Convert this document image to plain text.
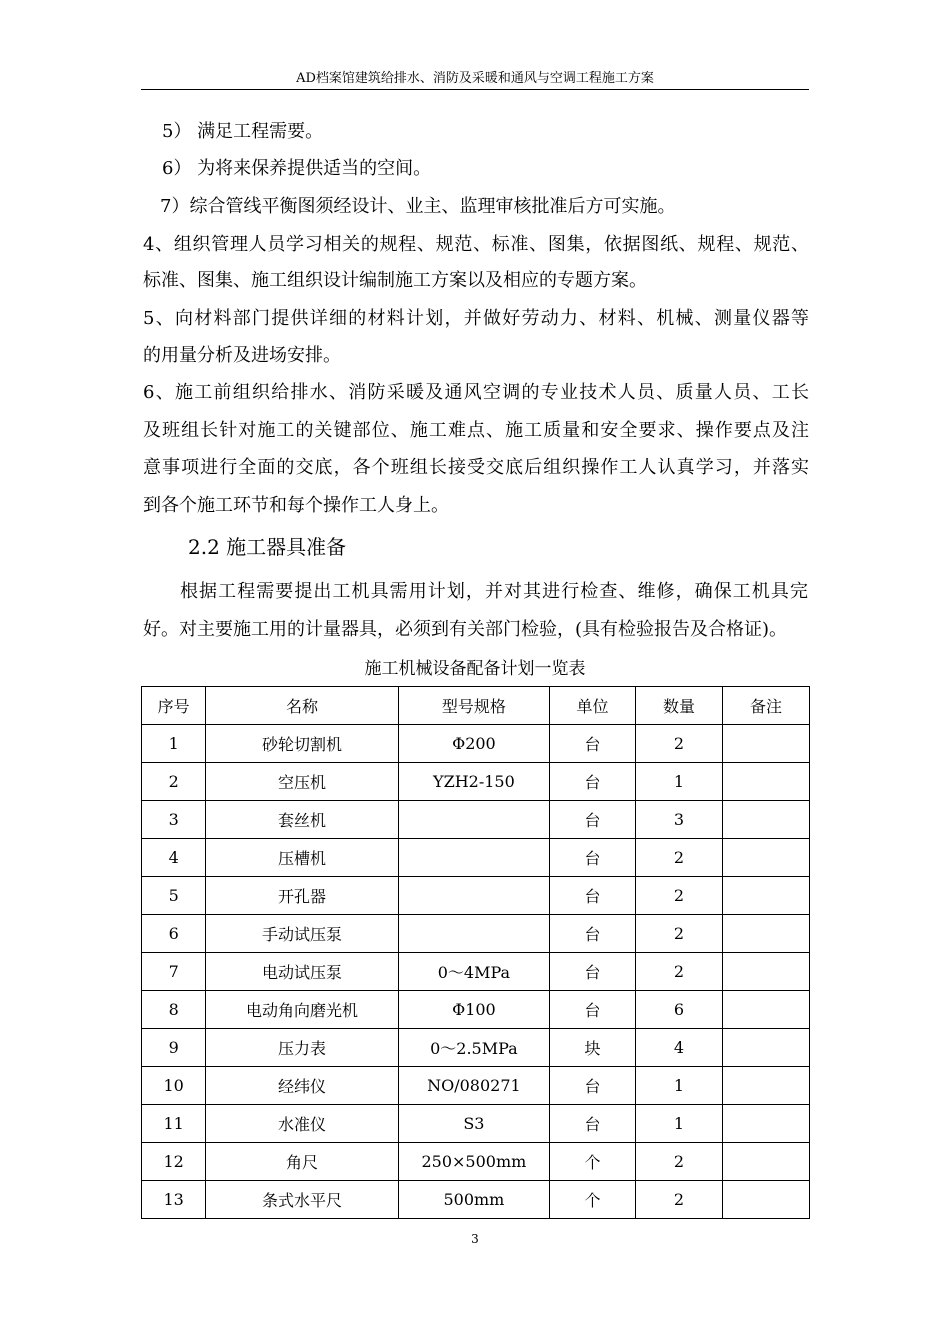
AD档案馆建筑给排水、消防及采暖和通风与空调工程施工方案
5） 满足工程需要。
6） 为将来保养提供适当的空间。
7）综合管线平衡图须经设计、业主、监理审核批准后方可实施。
4、组织管理人员学习相关的规程、规范、标准、图集，依据图纸、规程、规范、
标准、图集、施工组织设计编制施工方案以及相应的专题方案。
5、向材料部门提供详细的材料计划，并做好劳动力、材料、机械、测量仪器等
的用量分析及进场安排。
6、施工前组织给排水、消防采暖及通风空调的专业技术人员、质量人员、工长
及班组长针对施工的关键部位、施工难点、施工质量和安全要求、操作要点及注
意事项进行全面的交底，各个班组长接受交底后组织操作工人认真学习，并落实
到各个施工环节和每个操作工人身上。
2.2 施工器具准备
根据工程需要提出工机具需用计划，并对其进行检查、维修，确保工机具完
好。对主要施工用的计量器具，必须到有关部门检验，(具有检验报告及合格证)。
施工机械设备配备计划一览表
序号	名称	型号规格	单位	数量	备注
1	砂轮切割机	Φ200	台	2	
2	空压机	YZH2-150	台	1	
3	套丝机		台	3	
4	压槽机		台	2	
5	开孔器		台	2	
6	手动试压泵		台	2	
7	电动试压泵	0～4MPa	台	2	
8	电动角向磨光机	Φ100	台	6	
9	压力表	0～2.5MPa	块	4	
10	经纬仪	NO/080271	台	1	
11	水准仪	S3	台	1	
12	角尺	250×500mm	个	2	
13	条式水平尺	500mm	个	2	
3
